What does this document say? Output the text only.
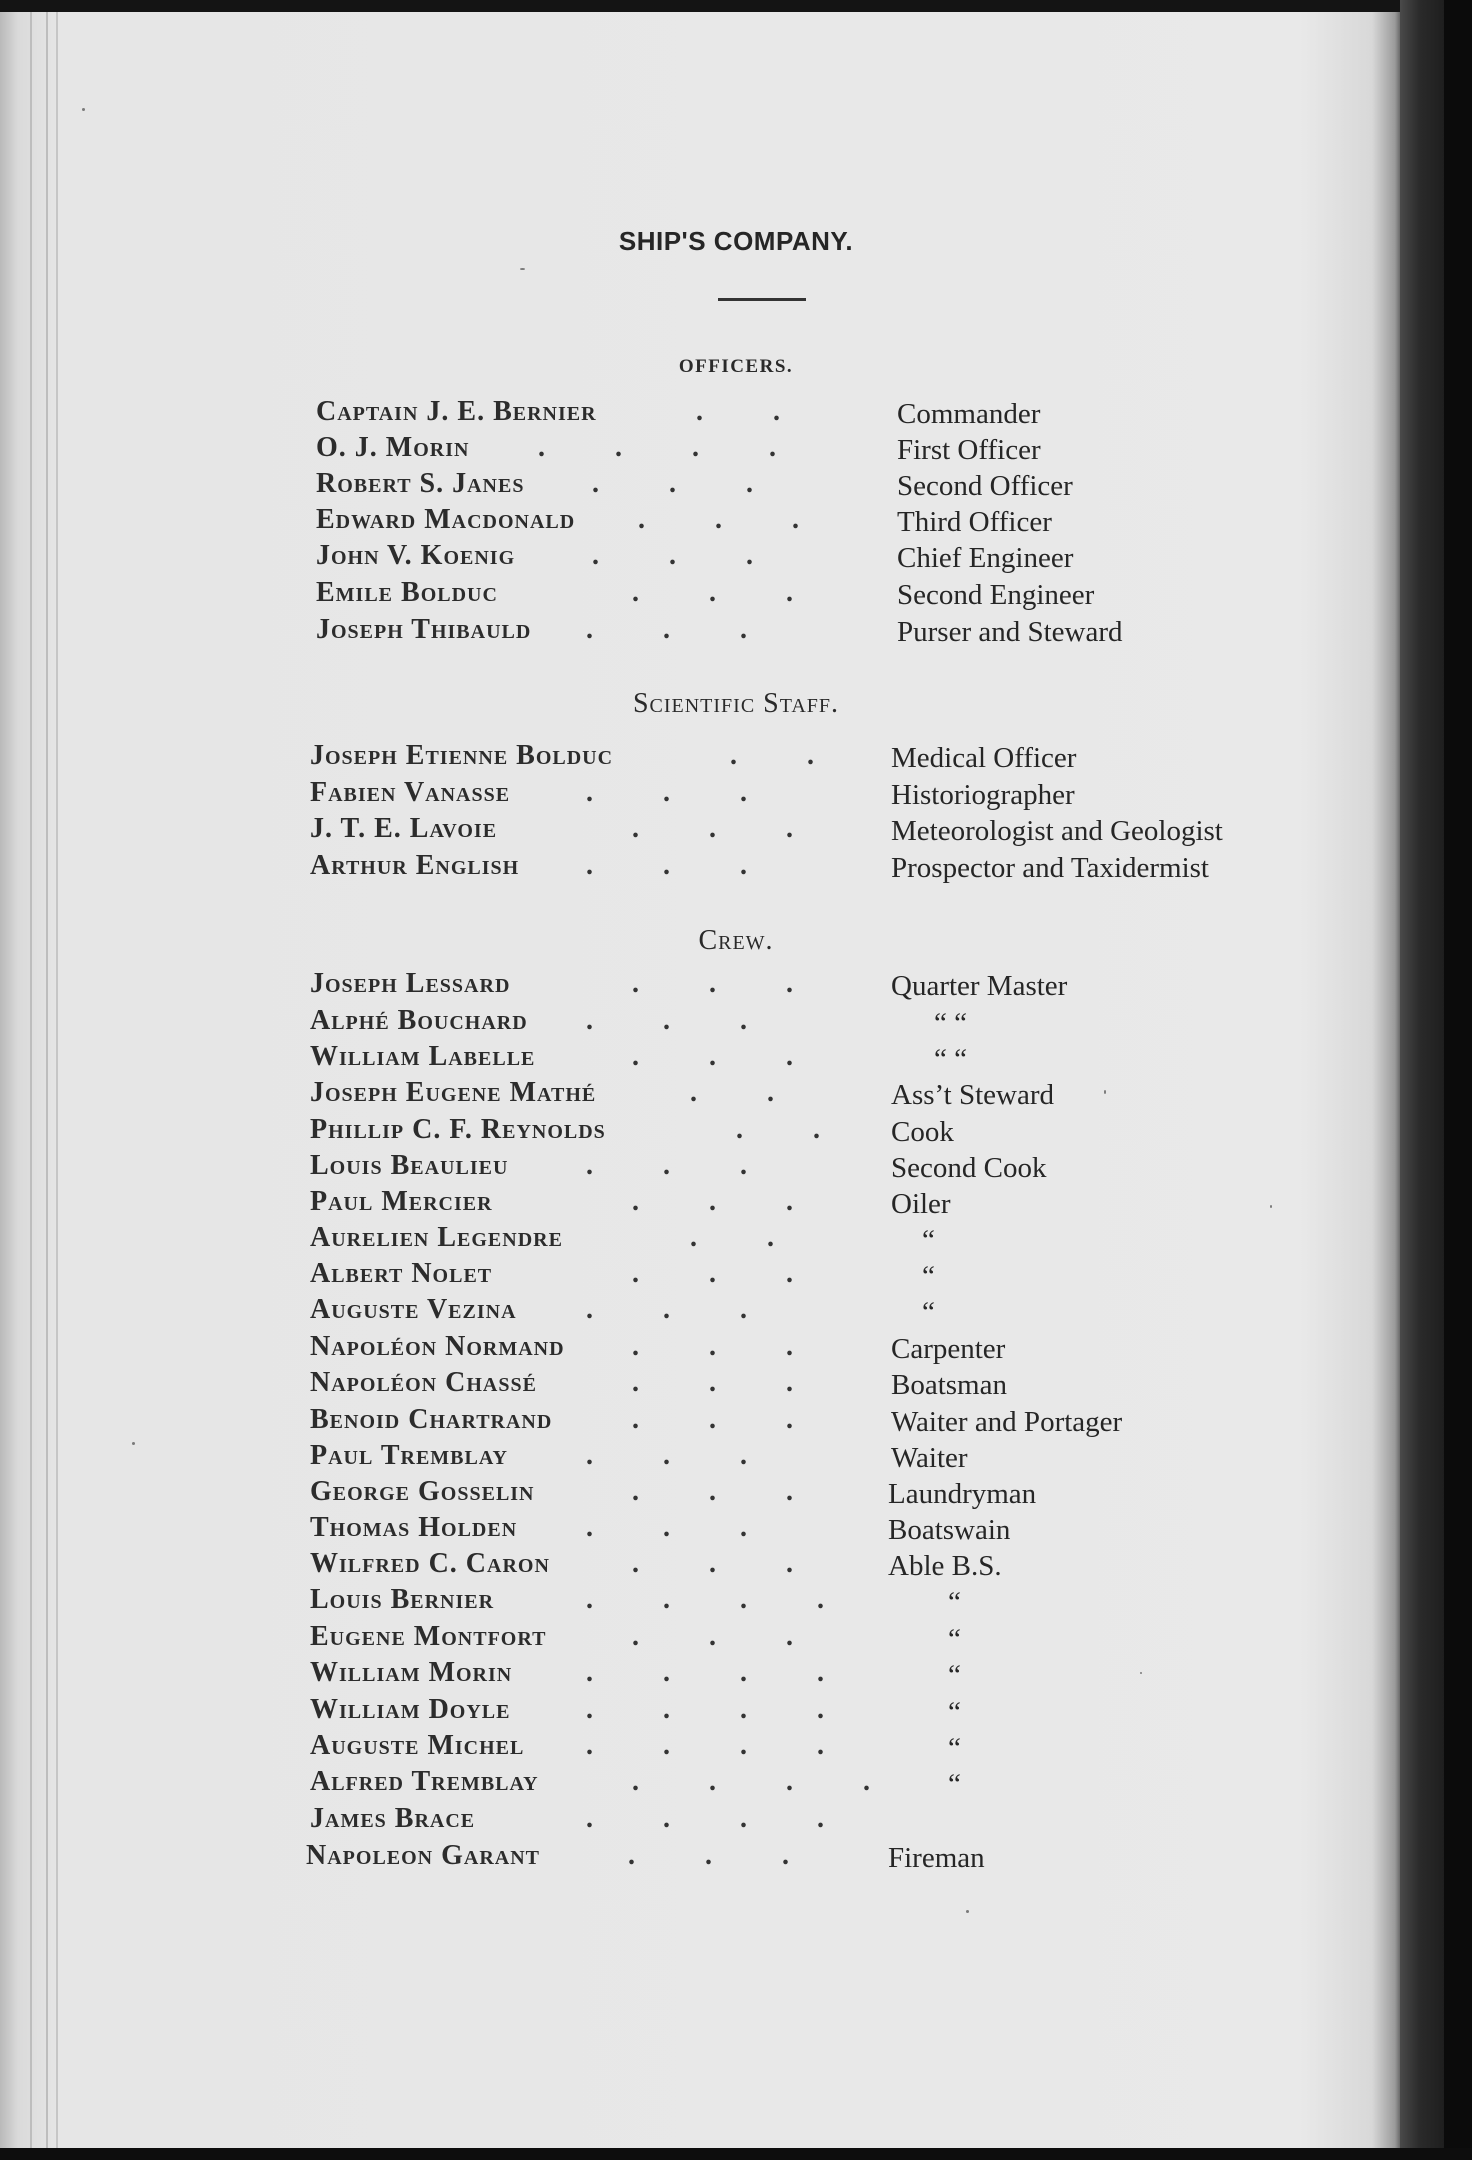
SHIP'S COMPANY.
OFFICERS.
Captain J. E. Bernier	.          .	Commander
O. J. Morin .          .          .          .	First Officer
Robert S. Janes .          .          .	Second Officer
Edward Macdonald .          .          .	Third Officer
John V. Koenig	.          .          .	Chief Engineer
Emile Bolduc	.          .          .	Second Engineer
Joseph Thibauld .          .          .	Purser and Steward
Scientific Staff.
Joseph Etienne Bolduc	.          .	Medical Officer
Fabien Vanasse	.          .          .	Historiographer
J. T. E. Lavoie	.          .          .	Meteorologist and Geologist
Arthur English .          .          .	Prospector and Taxidermist
Crew.
Joseph Lessard	.          .          .	Quarter Master
Alphé Bouchard .          .          .	“ “
William Labelle	.          .          .	“ “
Joseph Eugene Mathé	.          .	Ass’t Steward
Phillip C. F. Reynolds	.          . Cook
Louis Beaulieu	.          .          .	Second Cook
Paul Mercier	.          .          .	Oiler
Aurelien Legendre	.          .	“
Albert Nolet	.          .          .	“
Auguste Vezina .          .          .	“
Napoléon Normand .          .          .	Carpenter
Napoléon Chassé	.          .          .	Boatsman
Benoid Chartrand	.          .          .	Waiter and Portager
Paul Tremblay	.          .          .	Waiter
George Gosselin	.          .          .	Laundryman
Thomas Holden .          .          .	Boatswain
Wilfred C. Caron	.          .          .	Able B.S.
Louis Bernier	.          .          .          .	“
Eugene Montfort	.          .          .	“
William Morin	.          .          .          .	“
William Doyle	.          .          .          .	“
Auguste Michel .          .          .          .	“
Alfred Tremblay	.          .          .          .	“
James Brace	.          .          .          .
Napoleon Garant	.          .          .	Fireman
